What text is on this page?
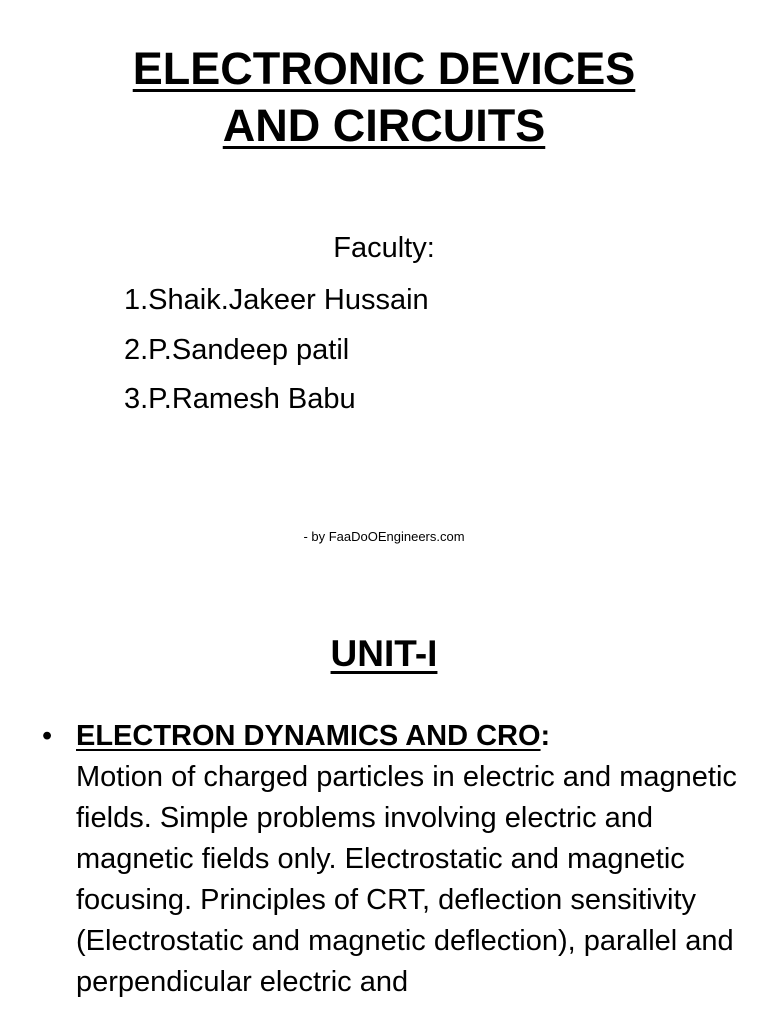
ELECTRONIC DEVICES
AND CIRCUITS
Faculty:
1.Shaik.Jakeer Hussain
2.P.Sandeep patil
3.P.Ramesh Babu
- by FaaDoOEngineers.com
UNIT-I
• ELECTRON DYNAMICS AND CRO:
Motion of charged particles in electric and magnetic fields. Simple problems involving electric and magnetic fields only. Electrostatic and magnetic focusing. Principles of CRT, deflection sensitivity (Electrostatic and magnetic deflection), parallel and perpendicular electric and
